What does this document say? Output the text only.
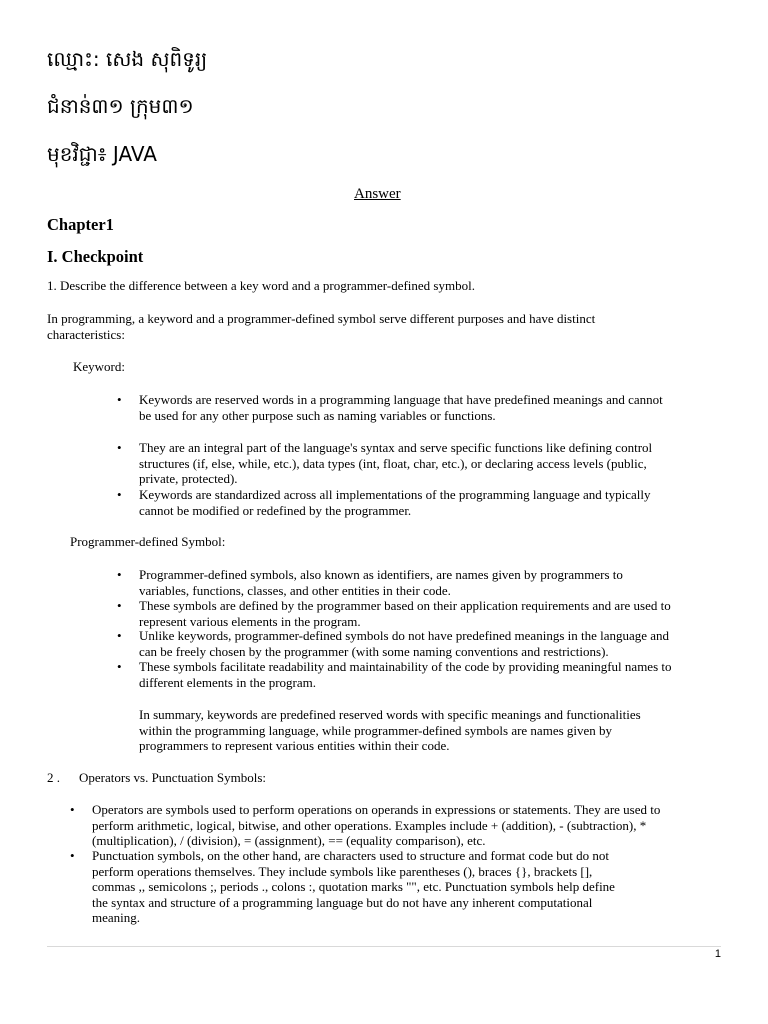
ឈ្មោះ: សេង សុពិទូរ្យ
ជំនាន់៣១ ក្រុម៣១
មុខវិជ្ជា៖ JAVA
Answer
Chapter1
I. Checkpoint
1. Describe the difference between a key word and a programmer-defined symbol.
In programming, a keyword and a programmer-defined symbol serve different purposes and have distinct
characteristics:
Keyword:
• Keywords are reserved words in a programming language that have predefined meanings and cannot
be used for any other purpose such as naming variables or functions.
• They are an integral part of the language's syntax and serve specific functions like defining control
structures (if, else, while, etc.), data types (int, float, char, etc.), or declaring access levels (public,
private, protected).
• Keywords are standardized across all implementations of the programming language and typically
cannot be modified or redefined by the programmer.
Programmer-defined Symbol:
• Programmer-defined symbols, also known as identifiers, are names given by programmers to
variables, functions, classes, and other entities in their code.
• These symbols are defined by the programmer based on their application requirements and are used to
represent various elements in the program.
• Unlike keywords, programmer-defined symbols do not have predefined meanings in the language and
can be freely chosen by the programmer (with some naming conventions and restrictions).
• These symbols facilitate readability and maintainability of the code by providing meaningful names to
different elements in the program.
In summary, keywords are predefined reserved words with specific meanings and functionalities
within the programming language, while programmer-defined symbols are names given by
programmers to represent various entities within their code.
2 . Operators vs. Punctuation Symbols:
• Operators are symbols used to perform operations on operands in expressions or statements. They are used to
perform arithmetic, logical, bitwise, and other operations. Examples include + (addition), - (subtraction), *
(multiplication), / (division), = (assignment), == (equality comparison), etc.
• Punctuation symbols, on the other hand, are characters used to structure and format code but do not
perform operations themselves. They include symbols like parentheses (), braces {}, brackets [],
commas ,, semicolons ;, periods ., colons :, quotation marks "", etc. Punctuation symbols help define
the syntax and structure of a programming language but do not have any inherent computational
meaning.
1
